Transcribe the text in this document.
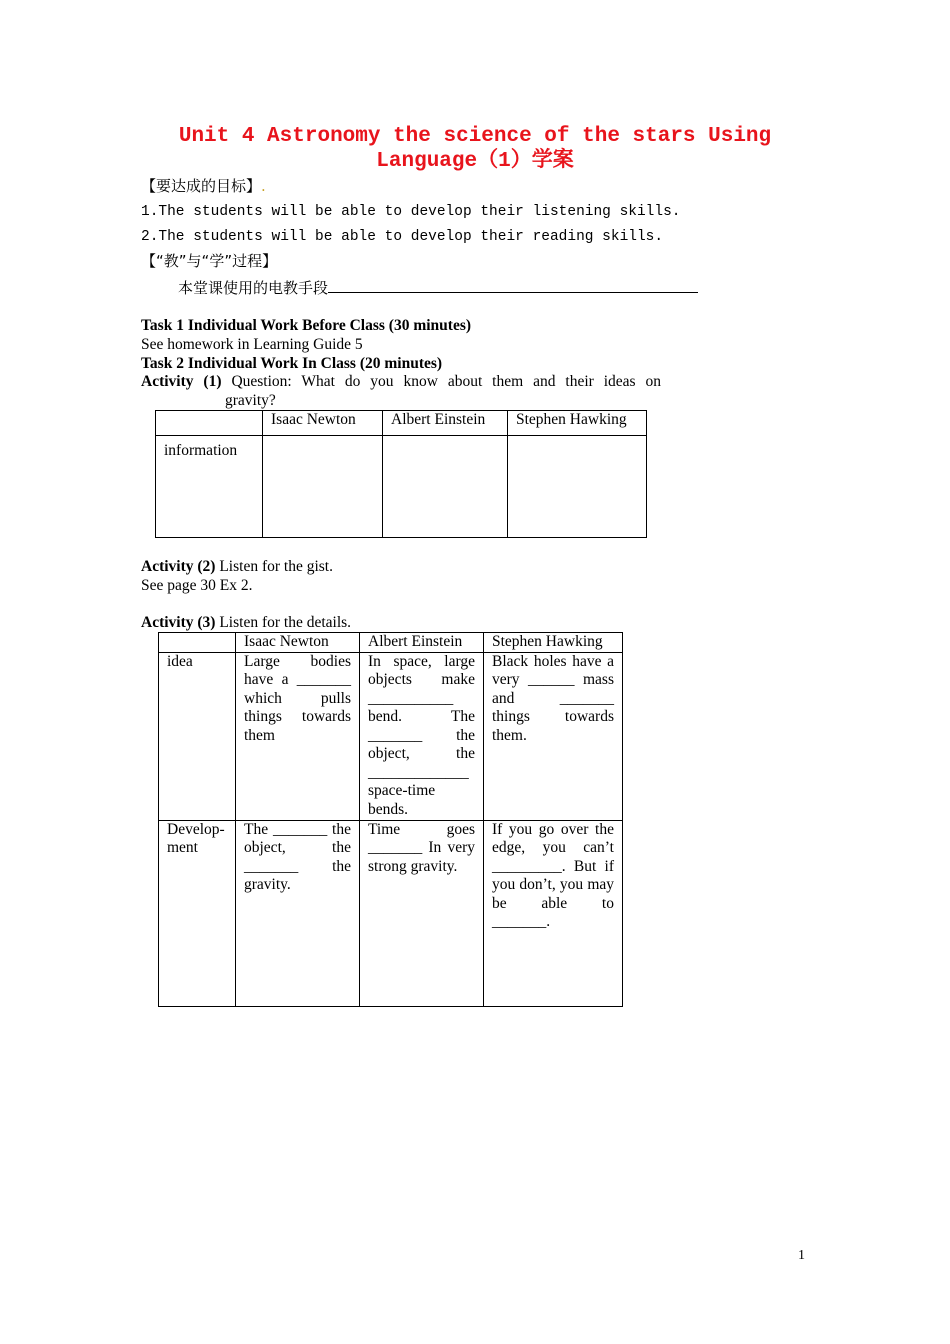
Unit 4 Astronomy the science of the stars Using
Language（1）学案
【要达成的目标】.
1.The students will be able to develop their listening skills.
2.The students will be able to develop their reading skills.
【“教”与“学”过程】
本堂课使用的电教手段
Task 1 Individual Work Before Class (30 minutes)
See homework in Learning Guide 5
Task 2 Individual Work In Class (20 minutes)
Activity (1) Question: What do you know about them and their ideas on
gravity?
	Isaac Newton	Albert Einstein	Stephen Hawking
information			
Activity (2) Listen for the gist.
See page 30 Ex 2.
Activity (3) Listen for the details.
	Isaac Newton	Albert Einstein	Stephen Hawking
idea	Large bodies have a _______ which pulls things towards them	In space, large objects make ___________ bend. The _______ the object, the _____________ space-time bends.	Black holes have a very ______ mass and _______ things towards them.
Develop-ment	The _______ the object, the _______ the gravity.	Time goes _______ In very strong gravity.	If you go over the edge, you can’t _________. But if you don’t, you may be able to _______.
1
